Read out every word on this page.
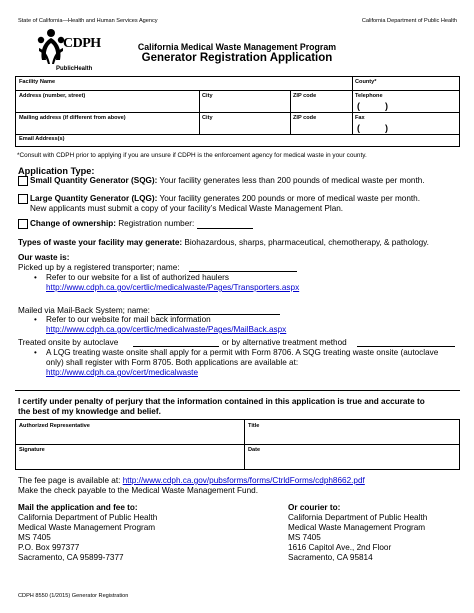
State of California—Health and Human Services Agency	California Department of Public Health
CDPH
PublicHealth
California Medical Waste Management Program
Generator Registration Application
Facility Name	County*
Address (number, street)	City	ZIP code	Telephone
(          )
Mailing address (if different from above)	City	ZIP code	Fax
(          )
Email Address(s)
*Consult with CDPH prior to applying if you are unsure if CDPH is the enforcement agency for medical waste in your county.
Application Type:
Small Quantity Generator (SQG): Your facility generates less than 200 pounds of medical waste per month.
Large Quantity Generator (LQG): Your facility generates 200 pounds or more of medical waste per month.
New applicants must submit a copy of your facility’s Medical Waste Management Plan.
Change of ownership: Registration number:
Types of waste your facility may generate: Biohazardous, sharps, pharmaceutical, chemotherapy, & pathology.
Our waste is:
Picked up by a registered transporter; name:
• Refer to our website for a list of authorized haulers
http://www.cdph.ca.gov/certlic/medicalwaste/Pages/Transporters.aspx
Mailed via Mail-Back System; name:
• Refer to our website for mail back information
http://www.cdph.ca.gov/certlic/medicalwaste/Pages/MailBack.aspx
Treated onsite by autoclave	or by alternative treatment method
• A LQG treating waste onsite shall apply for a permit with Form 8706. A SQG treating waste onsite (autoclave
only) shall register with Form 8705. Both applications are available at:
http://www.cdph.ca.gov/cert/medicalwaste
I certify under penalty of perjury that the information contained in this application is true and accurate to
the best of my knowledge and belief.
Authorized Representative	Title
Signature	Date
The fee page is available at: http://www.cdph.ca.gov/pubsforms/forms/CtrldForms/cdph8662.pdf
Make the check payable to the Medical Waste Management Fund.
Mail the application and fee to:
California Department of Public Health
Medical Waste Management Program
MS 7405
P.O. Box 997377
Sacramento, CA 95899-7377
Or courier to:
California Department of Public Health
Medical Waste Management Program
MS 7405
1616 Capitol Ave., 2nd Floor
Sacramento, CA 95814
CDPH 8550 (1/2015) Generator Registration
